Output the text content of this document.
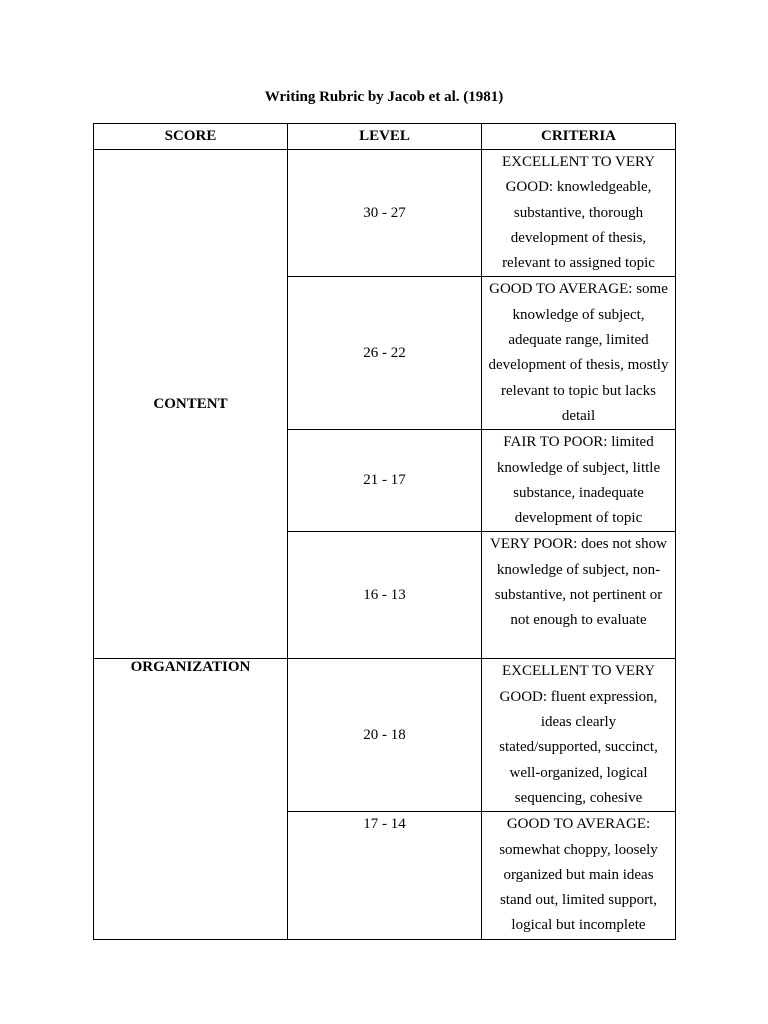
Writing Rubric by Jacob et al. (1981)
SCORE	LEVEL	CRITERIA

CONTENT	30 - 27	EXCELLENT TO VERY GOOD: knowledgeable, substantive, thorough development of thesis, relevant to assigned topic
	26 - 22	GOOD TO AVERAGE: some knowledge of subject, adequate range, limited development of thesis, mostly relevant to topic but lacks detail
	21 - 17	FAIR TO POOR: limited knowledge of subject, little substance, inadequate development of topic
	16 - 13	VERY POOR: does not show knowledge of subject, non-substantive, not pertinent or not enough to evaluate

ORGANIZATION	20 - 18	EXCELLENT TO VERY GOOD: fluent expression, ideas clearly stated/supported, succinct, well-organized, logical sequencing, cohesive
	17 - 14	GOOD TO AVERAGE: somewhat choppy, loosely organized but main ideas stand out, limited support, logical but incomplete
